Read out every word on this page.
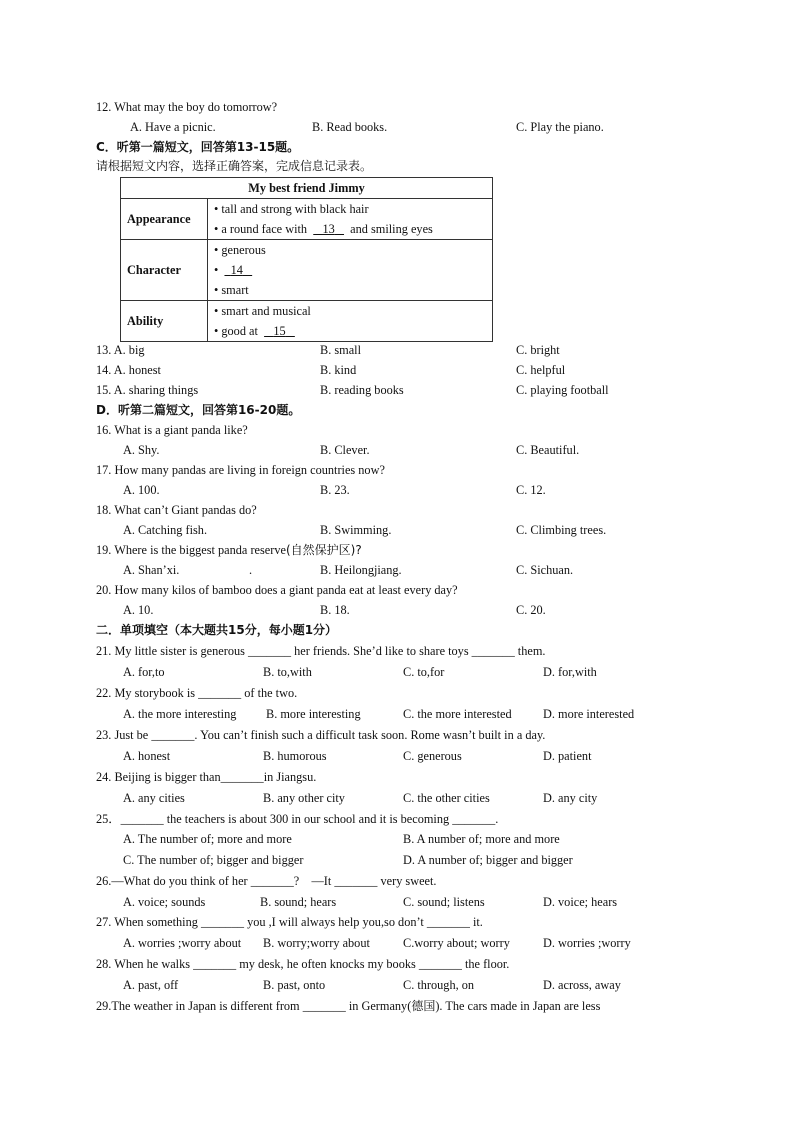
12. What may the boy do tomorrow?
A. Have a picnic.	B. Read books.	C. Play the piano.
C．听第一篇短文，回答第13-15题。
请根据短文内容，选择正确答案，完成信息记录表。
My best friend Jimmy	
Appearance	• tall and strong with black hair
• a round face with 13 and smiling eyes

Character	• generous
• 14
• smart

Ability	• smart and musical
• good at 15
13. A. big	B. small	C. bright
14. A. honest	B. kind	C. helpful
15. A. sharing things	B. reading books	C. playing football
D．听第二篇短文，回答第16-20题。
16. What is a giant panda like?
A. Shy.	B. Clever.	C. Beautiful.
17. How many pandas are living in foreign countries now?
A. 100.	B. 23.	C. 12.
18. What can’t Giant pandas do?
A. Catching fish.	B. Swimming.	C. Climbing trees.
19. Where is the biggest panda reserve(自然保护区)?
A. Shan’xi.	.	B. Heilongjiang.	C. Sichuan.
20. How many kilos of bamboo does a giant panda eat at least every day?
A. 10.	B. 18.	C. 20.
二．单项填空（本大题共15分，每小题1分）
21. My little sister is generous _______ her friends. She’d like to share toys _______ them.
A. for,to	B. to,with	C. to,for	D. for,with
22. My storybook is _______ of the two.
A. the more interesting B. more interesting	C. the more interested	D. more interested
23. Just be _______. You can’t finish such a difficult task soon. Rome wasn’t built in a day.
A. honest	B. humorous	C. generous	D. patient
24. Beijing is bigger than_______in Jiangsu.
A. any cities	B. any other city	C. the other cities	D. any city
25．_______ the teachers is about 300 in our school and it is becoming _______.
A. The number of; more and more	B. A number of; more and more
C. The number of; bigger and bigger	D. A number of; bigger and bigger
26.—What do you think of her _______?　—It _______ very sweet.
A. voice; sounds	B. sound; hears	C. sound; listens	D. voice; hears
27. When something _______ you ,I will always help you,so don’t _______ it.
A. worries ;worry about B. worry;worry about	C.worry about; worry	D. worries ;worry
28. When he walks _______ my desk, he often knocks my books _______ the floor.
A. past, off	B. past, onto	C. through, on	D. across, away
29.The weather in Japan is different from _______ in Germany(德国). The cars made in Japan are less
